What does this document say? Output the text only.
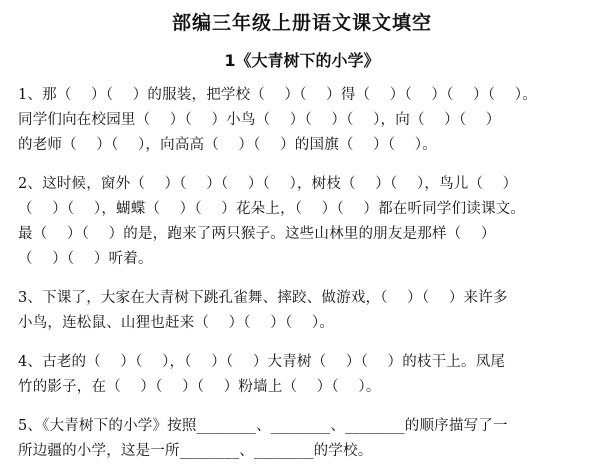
部编三年级上册语文课文填空
1《大青树下的小学》
1、那（　 ）（　 ）的服装，把学校（　 ）（　 ）得（　 ）（　 ）（　 ）（　 ）。
同学们向在校园里（　 ）（　 ）小鸟（　 ）（　 ）（　 ），向（　 ）（　 ）
的老师（　 ）（　 ），向高高（　 ）（　 ）的国旗（　 ）（　 ）。
2、这时候，窗外（　 ）（　 ）（　 ）（　 ），树枝（　 ）（　 ），鸟儿（　 ）
（　 ）（　 ），蝴蝶（　 ）（　 ）花朵上，（　 ）（　 ）都在听同学们读课文。
最（　 ）（　 ）的是，跑来了两只猴子。这些山林里的朋友是那样（　 ）
（　 ）（　 ）听着。
3、下课了，大家在大青树下跳孔雀舞、摔跤、做游戏，（　 ）（　 ）来许多
小鸟，连松鼠、山狸也赶来（　 ）（　 ）（　 ）。
4、古老的（　 ）（　 ），（　 ）（　 ）大青树（　 ）（　 ）的枝干上。凤尾
竹的影子，在（　 ）（　 ）（　 ）粉墙上（　 ）（　 ）。
5、《大青树下的小学》按照________、________、________的顺序描写了一
所边疆的小学，这是一所________、________的学校。
